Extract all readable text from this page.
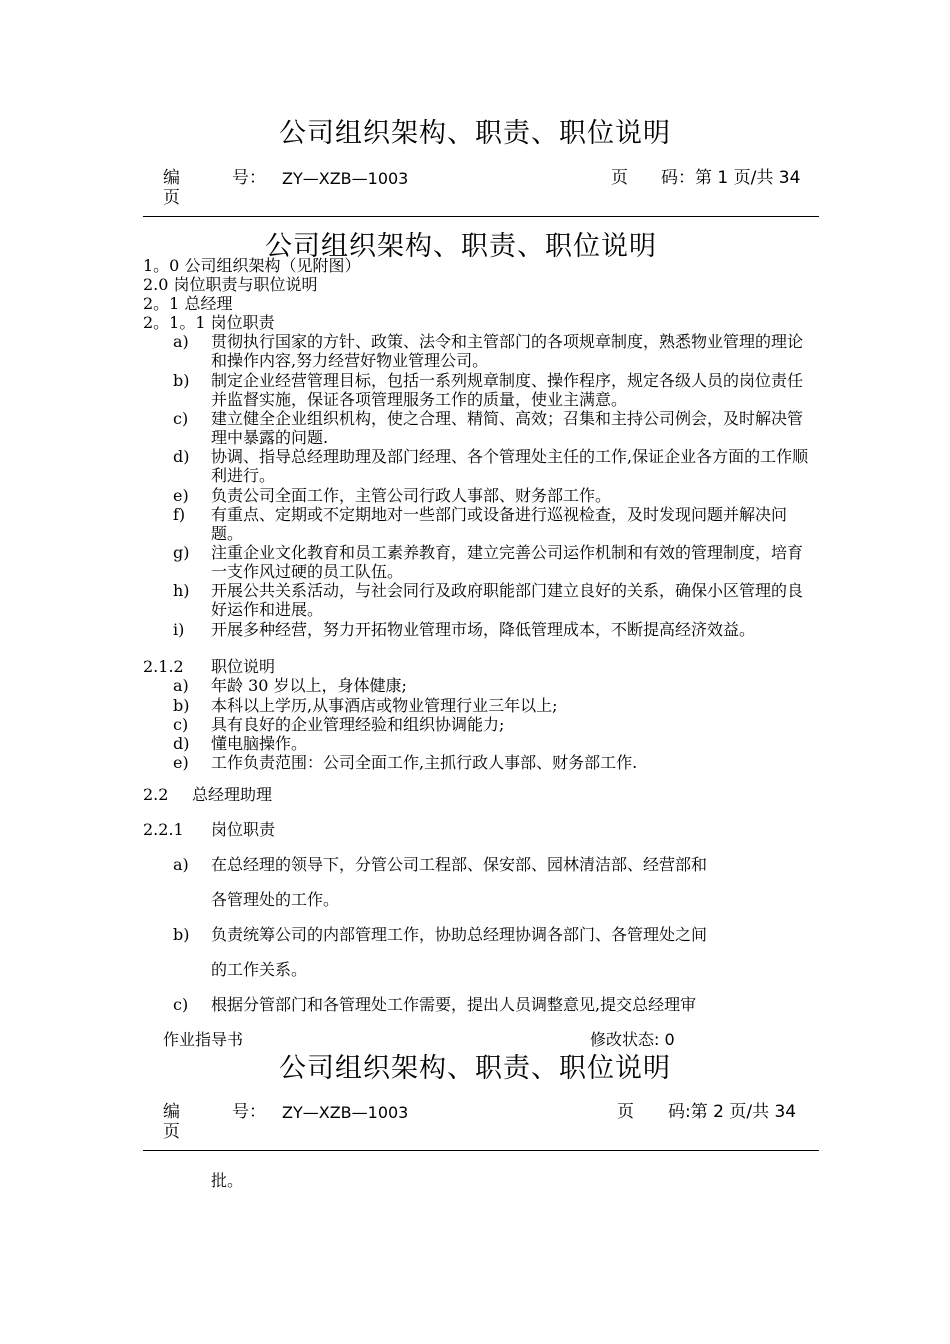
公司组织架构、职责、职位说明
编
页
号： ZY—XZB—1003	页 码：第 1 页/共 34
公司组织架构、职责、职位说明
1。0 公司组织架构（见附图）
2.0 岗位职责与职位说明
2。1 总经理
2。1。1 岗位职责
a) 贯彻执行国家的方针、政策、法令和主管部门的各项规章制度，熟悉物业管理的理论和操作内容,努力经营好物业管理公司。
b) 制定企业经营管理目标，包括一系列规章制度、操作程序，规定各级人员的岗位责任并监督实施，保证各项管理服务工作的质量，使业主满意。
c) 建立健全企业组织机构，使之合理、精简、高效；召集和主持公司例会，及时解决管理中暴露的问题.
d) 协调、指导总经理助理及部门经理、各个管理处主任的工作,保证企业各方面的工作顺利进行。
e) 负责公司全面工作，主管公司行政人事部、财务部工作。
f) 有重点、定期或不定期地对一些部门或设备进行巡视检查，及时发现问题并解决问题。
g) 注重企业文化教育和员工素养教育，建立完善公司运作机制和有效的管理制度，培育一支作风过硬的员工队伍。
h) 开展公共关系活动，与社会同行及政府职能部门建立良好的关系，确保小区管理的良好运作和进展。
i) 开展多种经营，努力开拓物业管理市场，降低管理成本，不断提高经济效益。
2.1.2 职位说明
a) 年龄 30 岁以上，身体健康;
b) 本科以上学历,从事酒店或物业管理行业三年以上;
c) 具有良好的企业管理经验和组织协调能力;
d) 懂电脑操作。
e) 工作负责范围：公司全面工作,主抓行政人事部、财务部工作.
2.2 总经理助理
2.2.1 岗位职责
a) 在总经理的领导下，分管公司工程部、保安部、园林清洁部、经营部和
各管理处的工作。
b) 负责统筹公司的内部管理工作，协助总经理协调各部门、各管理处之间
的工作关系。
c) 根据分管部门和各管理处工作需要，提出人员调整意见,提交总经理审
作业指导书	修改状态: 0
公司组织架构、职责、职位说明
编
页
号： ZY—XZB—1003	页 码:第 2 页/共 34
批。
